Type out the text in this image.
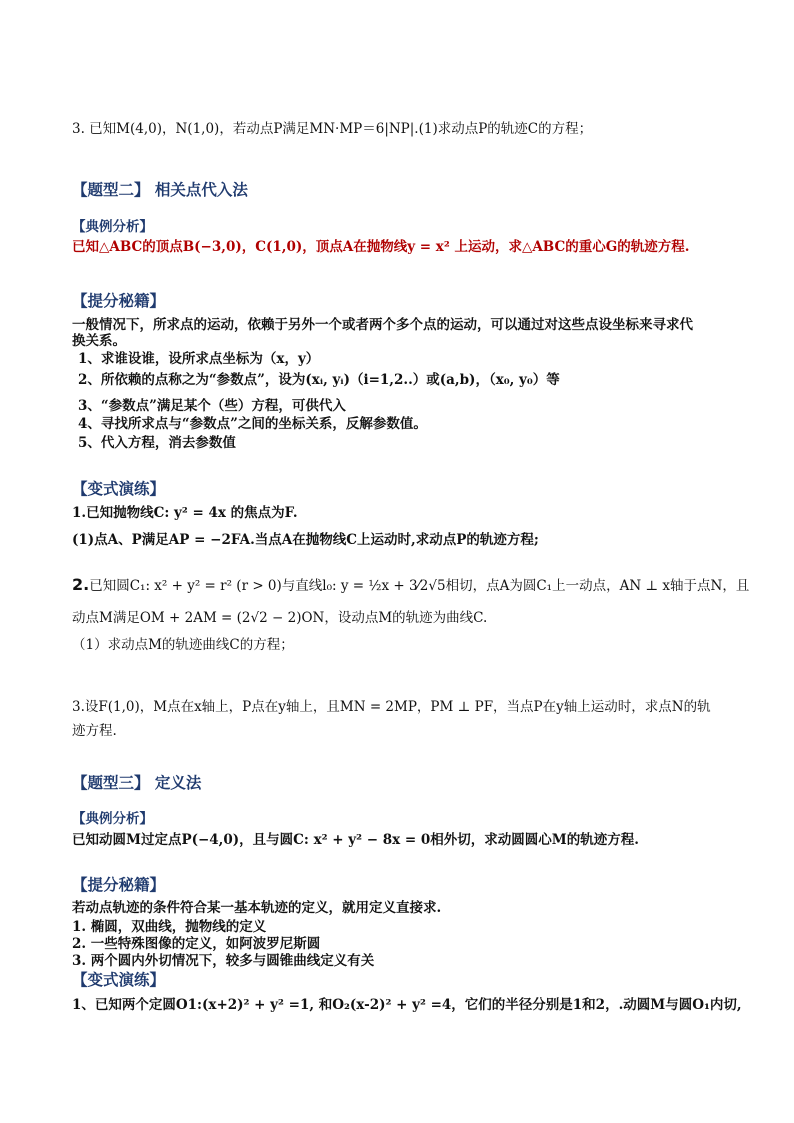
3. 已知M(4,0)，N(1,0)，若动点P满足MN·MP＝6|NP|.(1)求动点P的轨迹C的方程；
【题型二】 相关点代入法
【典例分析】
已知△ABC的顶点B(−3,0)，C(1,0)，顶点A在抛物线y = x² 上运动，求△ABC的重心G的轨迹方程.
【提分秘籍】
一般情况下，所求点的运动，依赖于另外一个或者两个多个点的运动，可以通过对这些点设坐标来寻求代
换关系。
1、求谁设谁，设所求点坐标为（x，y）
2、所依赖的点称之为“参数点”，设为(xᵢ, yᵢ)（i=1,2..）或(a,b)，（x₀, y₀）等
3、“参数点”满足某个（些）方程，可供代入
4、寻找所求点与“参数点”之间的坐标关系，反解参数值。
5、代入方程，消去参数值
【变式演练】
1.已知抛物线C: y² = 4x 的焦点为F.
(1)点A、P满足AP = −2FA.当点A在抛物线C上运动时,求动点P的轨迹方程;
2.已知圆C₁: x² + y² = r² (r > 0)与直线l₀: y = ½x + 3⁄2√5相切，点A为圆C₁上一动点，AN ⊥ x轴于点N，且
动点M满足OM + 2AM = (2√2 − 2)ON，设动点M的轨迹为曲线C.
（1）求动点M的轨迹曲线C的方程；
3.设F(1,0)，M点在x轴上，P点在y轴上，且MN = 2MP，PM ⊥ PF，当点P在y轴上运动时，求点N的轨
迹方程.
【题型三】 定义法
【典例分析】
已知动圆M过定点P(−4,0)，且与圆C: x² + y² − 8x = 0相外切，求动圆圆心M的轨迹方程.
【提分秘籍】
若动点轨迹的条件符合某一基本轨迹的定义，就用定义直接求.
1. 椭圆，双曲线，抛物线的定义
2. 一些特殊图像的定义，如阿波罗尼斯圆
3. 两个圆内外切情况下，较多与圆锥曲线定义有关
【变式演练】
1、已知两个定圆O1:(x+2)² + y² =1, 和O₂(x-2)² + y² =4，它们的半径分别是1和2，.动圆M与圆O₁内切,
